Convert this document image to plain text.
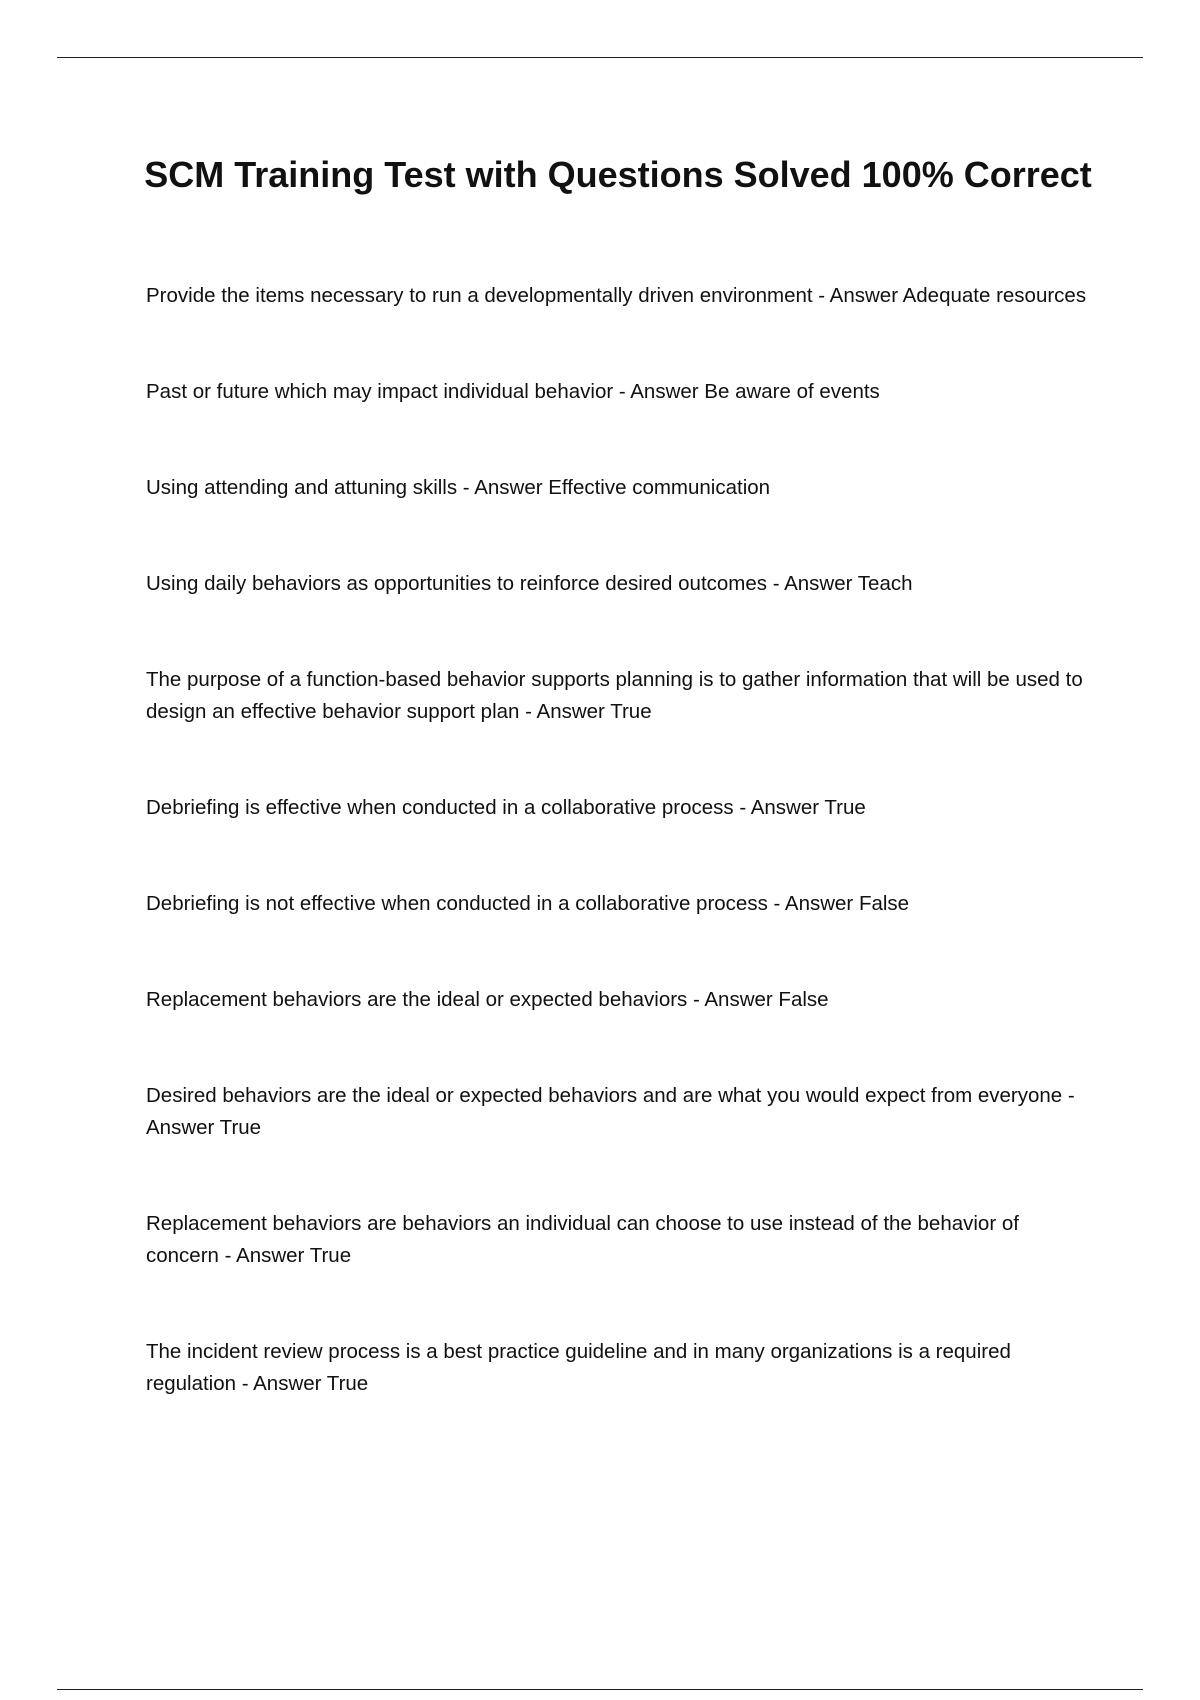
SCM Training Test with Questions Solved 100% Correct
Provide the items necessary to run a developmentally driven environment - Answer Adequate resources
Past or future which may impact individual behavior - Answer Be aware of events
Using attending and attuning skills - Answer Effective communication
Using daily behaviors as opportunities to reinforce desired outcomes - Answer Teach
The purpose of a function-based behavior supports planning is to gather information that will be used to design an effective behavior support plan - Answer True
Debriefing is effective when conducted in a collaborative process - Answer True
Debriefing is not effective when conducted in a collaborative process - Answer False
Replacement behaviors are the ideal or expected behaviors - Answer False
Desired behaviors are the ideal or expected behaviors and are what you would expect from everyone - Answer True
Replacement behaviors are behaviors an individual can choose to use instead of the behavior of concern - Answer True
The incident review process is a best practice guideline and in many organizations is a required regulation - Answer True
